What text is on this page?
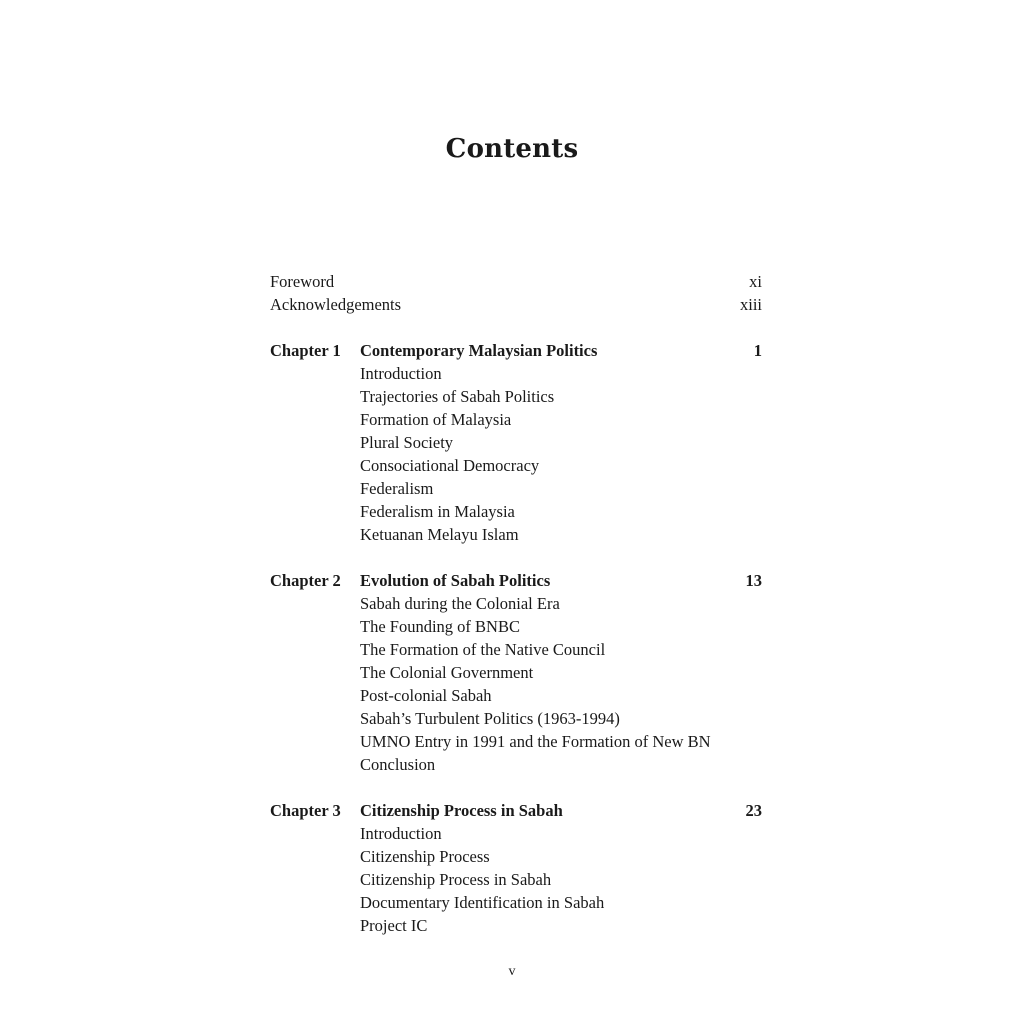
Contents
Foreword	xi
Acknowledgements	xiii
Chapter 1 Contemporary Malaysian Politics	1
Introduction
Trajectories of Sabah Politics
Formation of Malaysia
Plural Society
Consociational Democracy
Federalism
Federalism in Malaysia
Ketuanan Melayu Islam
Chapter 2 Evolution of Sabah Politics	13
Sabah during the Colonial Era
The Founding of BNBC
The Formation of the Native Council
The Colonial Government
Post-colonial Sabah
Sabah’s Turbulent Politics (1963-1994)
UMNO Entry in 1991 and the Formation of New BN
Conclusion
Chapter 3 Citizenship Process in Sabah	23
Introduction
Citizenship Process
Citizenship Process in Sabah
Documentary Identification in Sabah
Project IC
v
